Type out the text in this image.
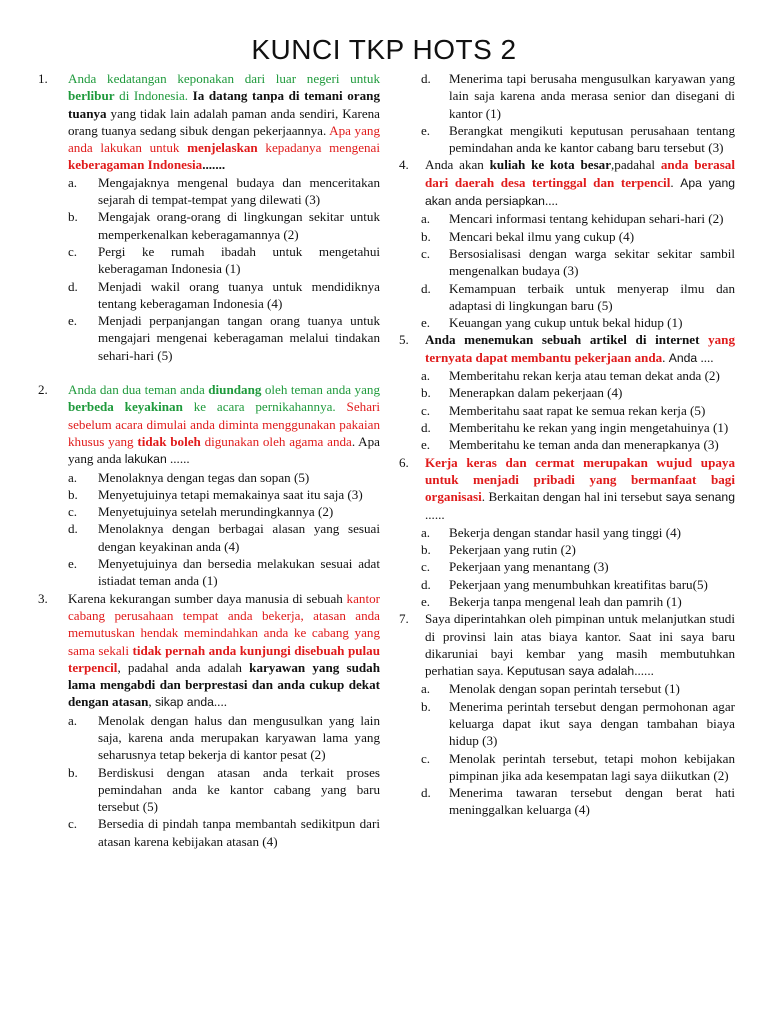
KUNCI TKP HOTS 2
1. Anda kedatangan keponakan dari luar negeri untuk berlibur di Indonesia. Ia datang tanpa di temani orang tuanya yang tidak lain adalah paman anda sendiri, Karena orang tuanya sedang sibuk dengan pekerjaannya. Apa yang anda lakukan untuk menjelaskan kepadanya mengenai keberagaman Indonesia.......
a. Mengajaknya mengenal budaya dan menceritakan sejarah di tempat-tempat yang dilewati (3)
b. Mengajak orang-orang di lingkungan sekitar untuk memperkenalkan keberagamannya (2)
c. Pergi ke rumah ibadah untuk mengetahui keberagaman Indonesia (1)
d. Menjadi wakil orang tuanya untuk mendidiknya tentang keberagaman Indonesia (4)
e. Menjadi perpanjangan tangan orang tuanya untuk mengajari mengenai keberagaman melalui tindakan sehari-hari (5)
2. Anda dan dua teman anda diundang oleh teman anda yang berbeda keyakinan ke acara pernikahannya. Sehari sebelum acara dimulai anda diminta menggunakan pakaian khusus yang tidak boleh digunakan oleh agama anda. Apa yang anda lakukan ......
a. Menolaknya dengan tegas dan sopan (5)
b. Menyetujuinya tetapi memakainya saat itu saja (3)
c. Menyetujuinya setelah merundingkannya (2)
d. Menolaknya dengan berbagai alasan yang sesuai dengan keyakinan anda (4)
e. Menyetujuinya dan bersedia melakukan sesuai adat istiadat teman anda (1)
3. Karena kekurangan sumber daya manusia di sebuah kantor cabang perusahaan tempat anda bekerja, atasan anda memutuskan hendak memindahkan anda ke cabang yang sama sekali tidak pernah anda kunjungi disebuah pulau terpencil, padahal anda adalah karyawan yang sudah lama mengabdi dan berprestasi dan anda cukup dekat dengan atasan, sikap anda....
a. Menolak dengan halus dan mengusulkan yang lain saja, karena anda merupakan karyawan lama yang seharusnya tetap bekerja di kantor pesat (2)
b. Berdiskusi dengan atasan anda terkait proses pemindahan anda ke kantor cabang yang baru tersebut (5)
c. Bersedia di pindah tanpa membantah sedikitpun dari atasan karena kebijakan atasan (4)
d. Menerima tapi berusaha mengusulkan karyawan yang lain saja karena anda merasa senior dan disegani di kantor (1)
e. Berangkat mengikuti keputusan perusahaan tentang pemindahan anda ke kantor cabang baru tersebut (3)
4. Anda akan kuliah ke kota besar,padahal anda berasal dari daerah desa tertinggal dan terpencil. Apa yang akan anda persiapkan....
a. Mencari informasi tentang kehidupan sehari-hari (2)
b. Mencari bekal ilmu yang cukup (4)
c. Bersosialisasi dengan warga sekitar sekitar sambil mengenalkan budaya (3)
d. Kemampuan terbaik untuk menyerap ilmu dan adaptasi di lingkungan baru (5)
e. Keuangan yang cukup untuk bekal hidup (1)
5. Anda menemukan sebuah artikel di internet yang ternyata dapat membantu pekerjaan anda. Anda ....
a. Memberitahu rekan kerja atau teman dekat anda (2)
b. Menerapkan dalam pekerjaan (4)
c. Memberitahu saat rapat ke semua rekan kerja (5)
d. Memberitahu ke rekan yang ingin mengetahuinya (1)
e. Memberitahu ke teman anda dan menerapkanya (3)
6. Kerja keras dan cermat merupakan wujud upaya untuk menjadi pribadi yang bermanfaat bagi organisasi. Berkaitan dengan hal ini tersebut saya senang ......
a. Bekerja dengan standar hasil yang tinggi (4)
b. Pekerjaan yang rutin (2)
c. Pekerjaan yang menantang (3)
d. Pekerjaan yang menumbuhkan kreatifitas baru(5)
e. Bekerja tanpa mengenal leah dan pamrih (1)
7. Saya diperintahkan oleh pimpinan untuk melanjutkan studi di provinsi lain atas biaya kantor. Saat ini saya baru dikaruniai bayi kembar yang masih membutuhkan perhatian saya. Keputusan saya adalah......
a. Menolak dengan sopan perintah tersebut (1)
b. Menerima perintah tersebut dengan permohonan agar keluarga dapat ikut saya dengan tambahan biaya hidup (3)
c. Menolak perintah tersebut, tetapi mohon kebijakan pimpinan jika ada kesempatan lagi saya diikutkan (2)
d. Menerima tawaran tersebut dengan berat hati meninggalkan keluarga (4)
